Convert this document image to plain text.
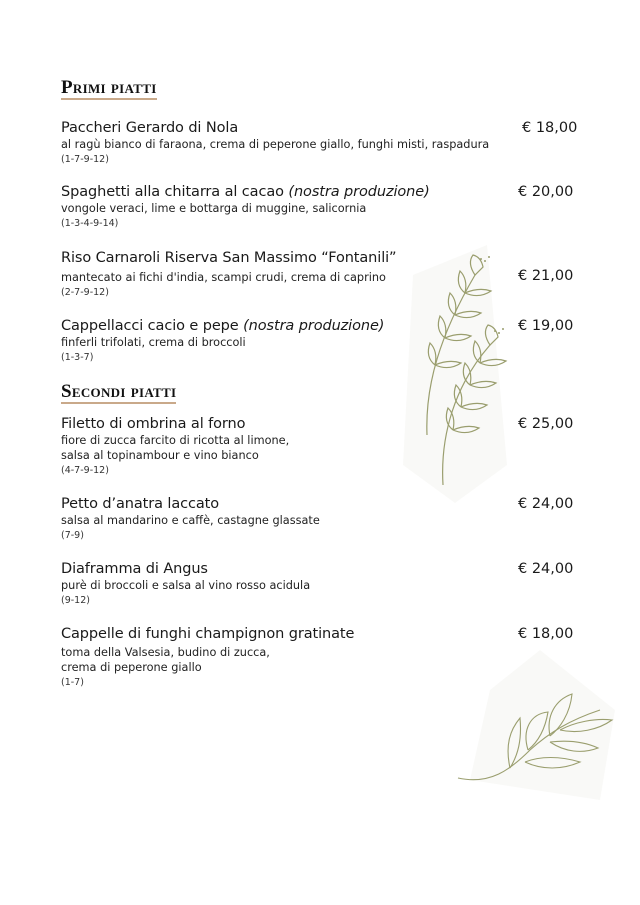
Primi piatti
Paccheri Gerardo di Nola
al ragù bianco di faraona, crema di peperone giallo, funghi misti, raspadura
(1-7-9-12)
€ 18,00
Spaghetti alla chitarra al cacao (nostra produzione)
vongole veraci, lime e bottarga di muggine, salicornia
(1-3-4-9-14)
€ 20,00
Riso Carnaroli Riserva San Massimo “Fontanili”
mantecato ai fichi d'india, scampi crudi, crema di caprino
(2-7-9-12)
€ 21,00
Cappellacci cacio e pepe (nostra produzione)
finferli trifolati, crema di broccoli
(1-3-7)
€ 19,00
Secondi piatti
Filetto di ombrina al forno
fiore di zucca farcito di ricotta al limone,
salsa al topinambour e vino bianco
(4-7-9-12)
€ 25,00
Petto d’anatra laccato
salsa al mandarino e caffè, castagne glassate
(7-9)
€ 24,00
Diaframma di Angus
purè di broccoli e salsa al vino rosso acidula
(9-12)
€ 24,00
Cappelle di funghi champignon gratinate
toma della Valsesia, budino di zucca,
crema di peperone giallo
(1-7)
€ 18,00
